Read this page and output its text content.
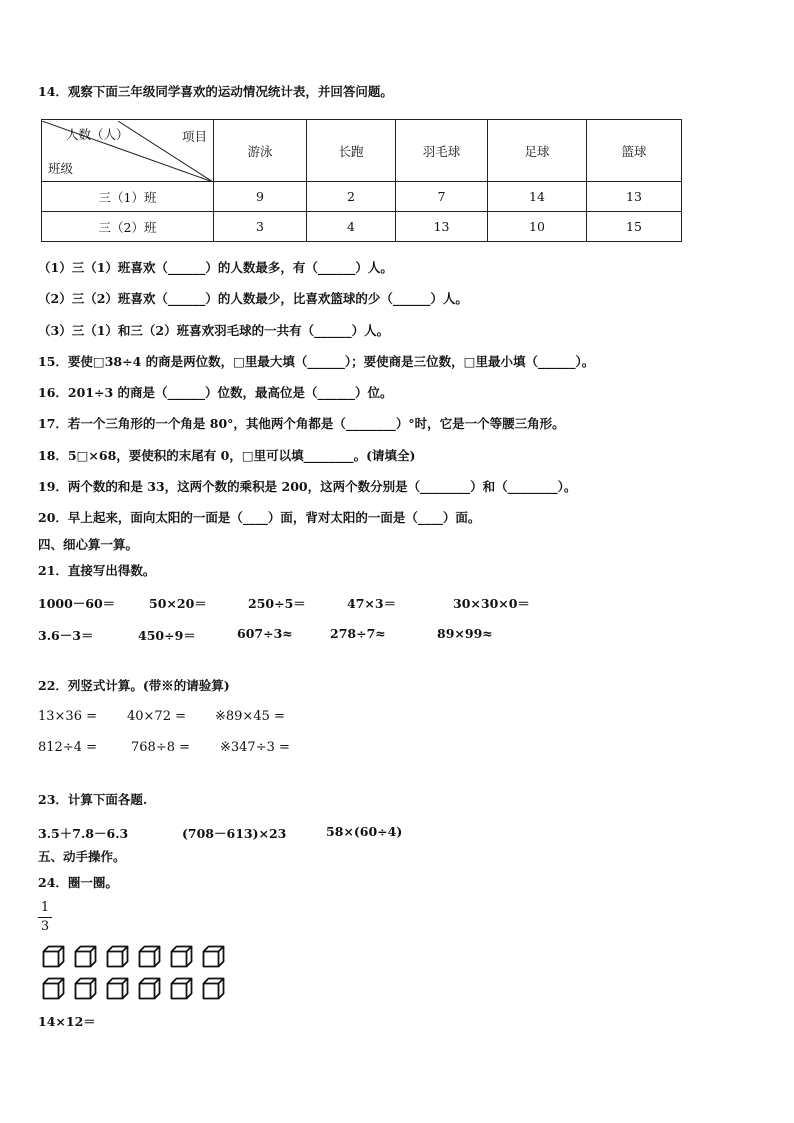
14．观察下面三年级同学喜欢的运动情况统计表，并回答问题。
人数（人） 项目
班级	游泳	长跑	羽毛球	足球	篮球
三（1）班	9	2	7	14	13
三（2）班	3	4	13	10	15
（1）三（1）班喜欢（______）的人数最多，有（______）人。
（2）三（2）班喜欢（______）的人数最少，比喜欢篮球的少（______）人。
（3）三（1）和三（2）班喜欢羽毛球的一共有（______）人。
15．要使□38÷4 的商是两位数，□里最大填（______）；要使商是三位数，□里最小填（______）。
16．201÷3 的商是（______）位数，最高位是（______）位。
17．若一个三角形的一个角是 80°，其他两个角都是（________）°时，它是一个等腰三角形。
18．5□×68，要使积的末尾有 0，□里可以填________。(请填全)
19．两个数的和是 33，这两个数的乘积是 200，这两个数分别是（________）和（________）。
20．早上起来，面向太阳的一面是（____）面，背对太阳的一面是（____）面。
四、细心算一算。
21．直接写出得数。
1000－60＝	50×20＝	250÷5＝	47×3＝	30×30×0＝
3.6－3＝	450÷9＝	607÷3≈	278÷7≈	89×99≈
22．列竖式计算。(带※的请验算)
13×36 = 40×72 = ※89×45 =
812÷4 =	768÷8 = ※347÷3 =
23．计算下面各题.
3.5＋7.8－6.3	(708－613)×23	58×(60÷4)
五、动手操作。
24．圈一圈。
1
3
14×12＝
